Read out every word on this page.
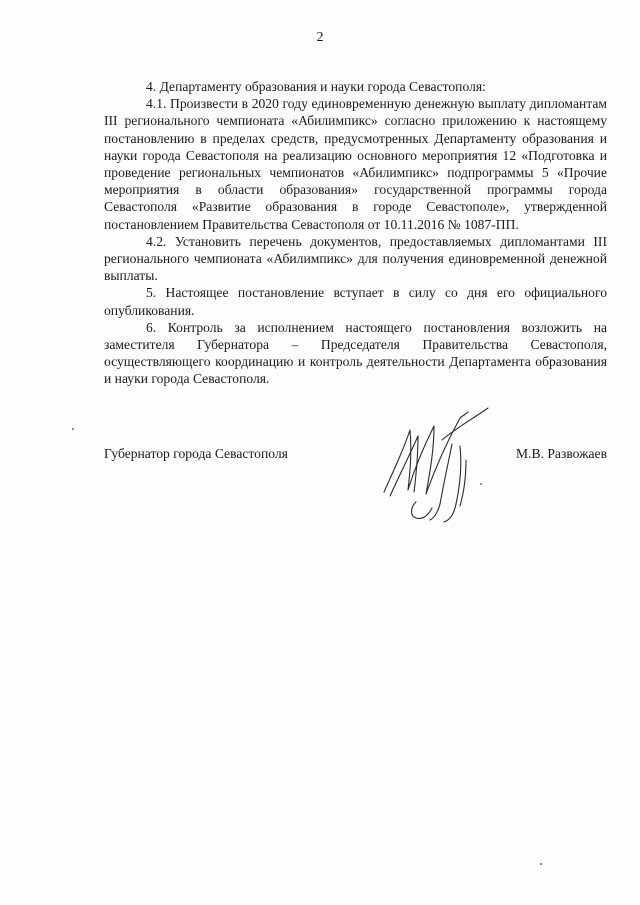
2

4. Департаменту образования и науки города Севастополя:

4.1. Произвести в 2020 году единовременную денежную выплату дипломантам III регионального чемпионата «Абилимпикс» согласно приложению к настоящему постановлению в пределах средств, предусмотренных Департаменту образования и науки города Севастополя на реализацию основного мероприятия 12 «Подготовка и проведение региональных чемпионатов «Абилимпикс» подпрограммы 5 «Прочие мероприятия в области образования» государственной программы города Севастополя «Развитие образования в городе Севастополе», утвержденной постановлением Правительства Севастополя от 10.11.2016 № 1087-ПП.

4.2. Установить перечень документов, предоставляемых дипломантами III регионального чемпионата «Абилимпикс» для получения единовременной денежной выплаты.

5. Настоящее постановление вступает в силу со дня его официального опубликования.

6. Контроль за исполнением настоящего постановления возложить на заместителя Губернатора – Председателя Правительства Севастополя, осуществляющего координацию и контроль деятельности Департамента образования и науки города Севастополя.

Губернатор города Севастополя	М.В. Развожаев
